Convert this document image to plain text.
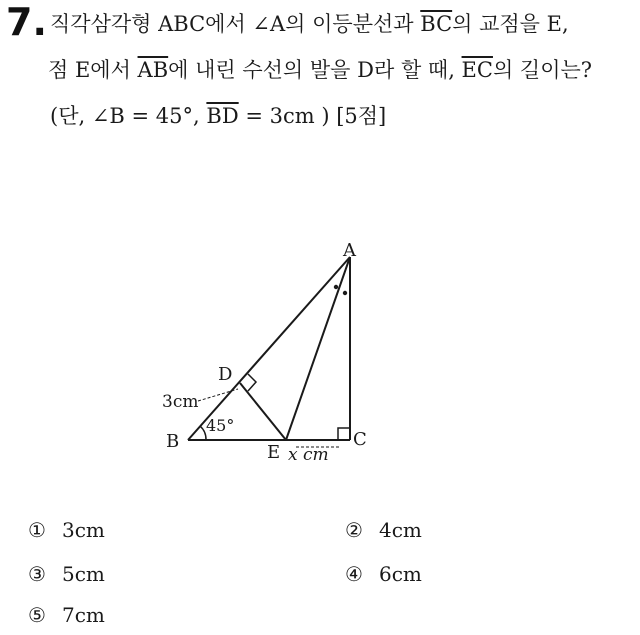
7. 직각삼각형 ABC에서 ∠A의 이등분선과 $\overline{BC}$의 교점을 E,
점 E에서 $\overline{AB}$에 내린 수선의 발을 D라 할 때, $\overline{EC}$의 길이는?
(단, ∠B = 45°, $\overline{BD} = 3cm$ ) [5점]
A
D
B	C
E
3cm
45°
x cm
① 3cm	② 4cm
③ 5cm	④ 6cm
⑤ 7cm
